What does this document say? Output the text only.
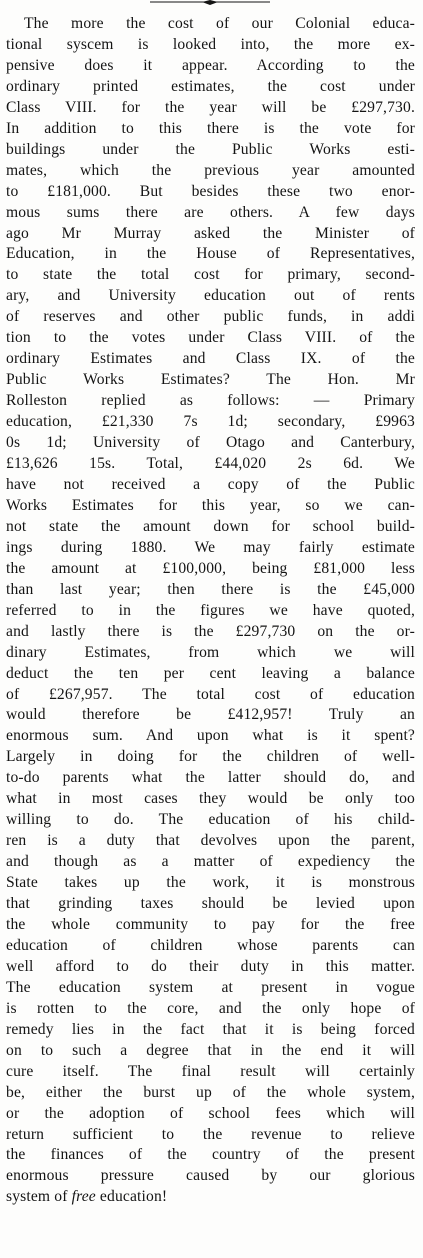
The more the cost of our Colonial educa-
tional syscem is looked into, the more ex-
pensive does it appear. According to the
ordinary printed estimates, the cost under
Class VIII. for the year will be £297,730.
In addition to this there is the vote for
buildings under the Public Works esti-
mates, which the previous year amounted
to £181,000. But besides these two enor-
mous sums there are others. A few days
ago Mr Murray asked the Minister of
Education, in the House of Representatives,
to state the total cost for primary, second-
ary, and University education out of rents
of reserves and other public funds, in addi
tion to the votes under Class VIII. of the
ordinary Estimates and Class IX. of the
Public Works Estimates? The Hon. Mr
Rolleston replied as follows: — Primary
education, £21,330 7s 1d; secondary, £9963
0s 1d; University of Otago and Canterbury,
£13,626 15s. Total, £44,020 2s 6d. We
have not received a copy of the Public
Works Estimates for this year, so we can-
not state the amount down for school build-
ings during 1880. We may fairly estimate
the amount at £100,000, being £81,000 less
than last year; then there is the £45,000
referred to in the figures we have quoted,
and lastly there is the £297,730 on the or-
dinary Estimates, from which we will
deduct the ten per cent leaving a balance
of £267,957. The total cost of education
would therefore be £412,957! Truly an
enormous sum. And upon what is it spent?
Largely in doing for the children of well-
to-do parents what the latter should do, and
what in most cases they would be only too
willing to do. The education of his child-
ren is a duty that devolves upon the parent,
and though as a matter of expediency the
State takes up the work, it is monstrous
that grinding taxes should be levied upon
the whole community to pay for the free
education of children whose parents can
well afford to do their duty in this matter.
The education system at present in vogue
is rotten to the core, and the only hope of
remedy lies in the fact that it is being forced
on to such a degree that in the end it will
cure itself. The final result will certainly
be, either the burst up of the whole system,
or the adoption of school fees which will
return sufficient to the revenue to relieve
the finances of the country of the present
enormous pressure caused by our glorious
system of free education!
